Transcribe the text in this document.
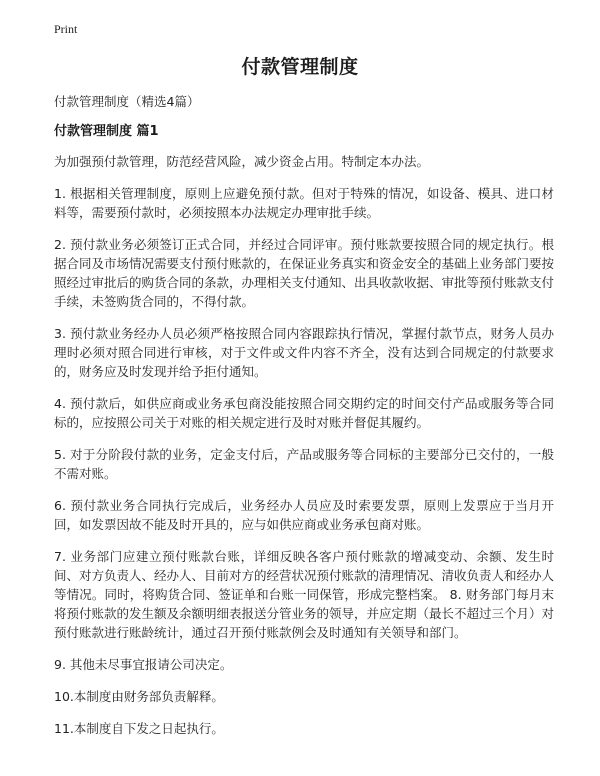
Print
付款管理制度

付款管理制度（精选4篇）

付款管理制度 篇1

为加强预付款管理，防范经营风险，减少资金占用。特制定本办法。

1. 根据相关管理制度，原则上应避免预付款。但对于特殊的情况，如设备、模具、进口材料等，需要预付款时，必须按照本办法规定办理审批手续。

2. 预付款业务必须签订正式合同，并经过合同评审。预付账款要按照合同的规定执行。根据合同及市场情况需要支付预付账款的，在保证业务真实和资金安全的基础上业务部门要按照经过审批后的购货合同的条款，办理相关支付通知、出具收款收据、审批等预付账款支付手续，未签购货合同的，不得付款。

3. 预付款业务经办人员必须严格按照合同内容跟踪执行情况，掌握付款节点，财务人员办理时必须对照合同进行审核，对于文件或文件内容不齐全，没有达到合同规定的付款要求的，财务应及时发现并给予拒付通知。

4. 预付款后，如供应商或业务承包商没能按照合同交期约定的时间交付产品或服务等合同标的，应按照公司关于对账的相关规定进行及时对账并督促其履约。

5. 对于分阶段付款的业务，定金支付后，产品或服务等合同标的主要部分已交付的，一般不需对账。

6. 预付款业务合同执行完成后，业务经办人员应及时索要发票，原则上发票应于当月开回，如发票因故不能及时开具的，应与如供应商或业务承包商对账。

7. 业务部门应建立预付账款台账，详细反映各客户预付账款的增减变动、余额、发生时间、对方负责人、经办人、目前对方的经营状况预付账款的清理情况、清收负责人和经办人等情况。同时，将购货合同、签证单和台账一同保管，形成完整档案。 8. 财务部门每月末将预付账款的发生额及余额明细表报送分管业务的领导，并应定期（最长不超过三个月）对预付账款进行账龄统计，通过召开预付账款例会及时通知有关领导和部门。

9. 其他未尽事宜报请公司决定。

10.本制度由财务部负责解释。

11.本制度自下发之日起执行。
